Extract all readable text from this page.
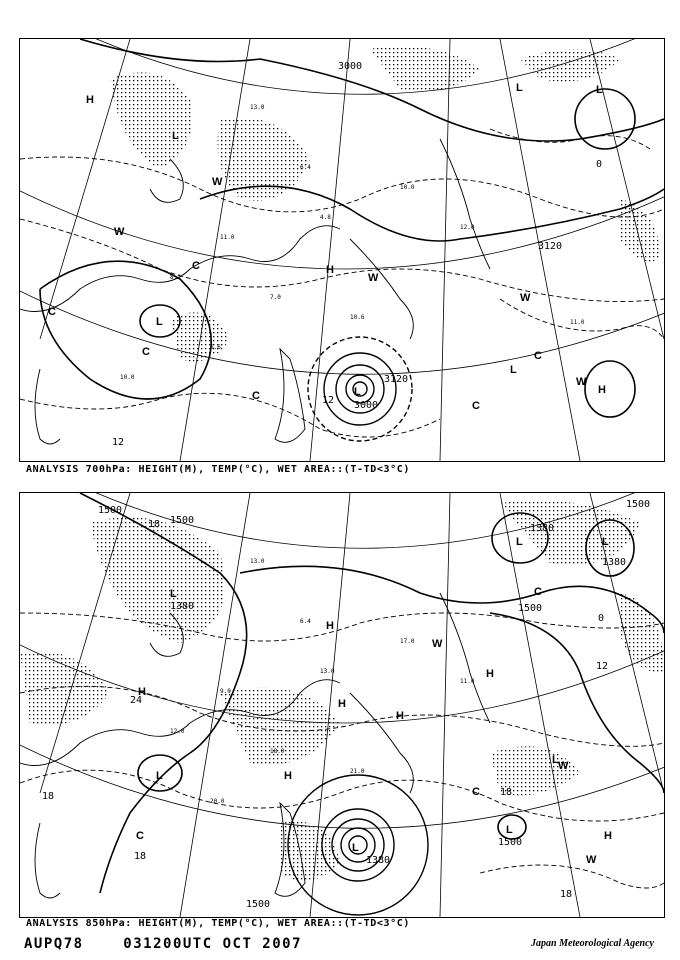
13.0
6.4
4.8
10.0
12.0
11.0
7.0
10.6
11.0
8.2
10.0
6.6
3000
3120
3120
3000
12
12
0
H
L
L	L
L
L
H
H
L
C
C
C
C
C
C
W
W
W
W
W
ANALYSIS 700hPa: HEIGHT(M), TEMP(°C), WET AREA::(T-TD<3°C)
13.0
6.4
13.0
17.0
11.0
9.0
18.0
21.0
12.0
20.0
1500
1500
1380	1500
1380
1380
1500
1380
1500
1500
18
18
24
18
18
18
12
0
L
L	L
L
L
L
H
H
H
H
H
H
H
L
C
C
W
W
W
C
ANALYSIS 850hPa: HEIGHT(M), TEMP(°C), WET AREA::(T-TD<3°C)
AUPQ78	031200UTC OCT 2007	Japan Meteorological Agency
